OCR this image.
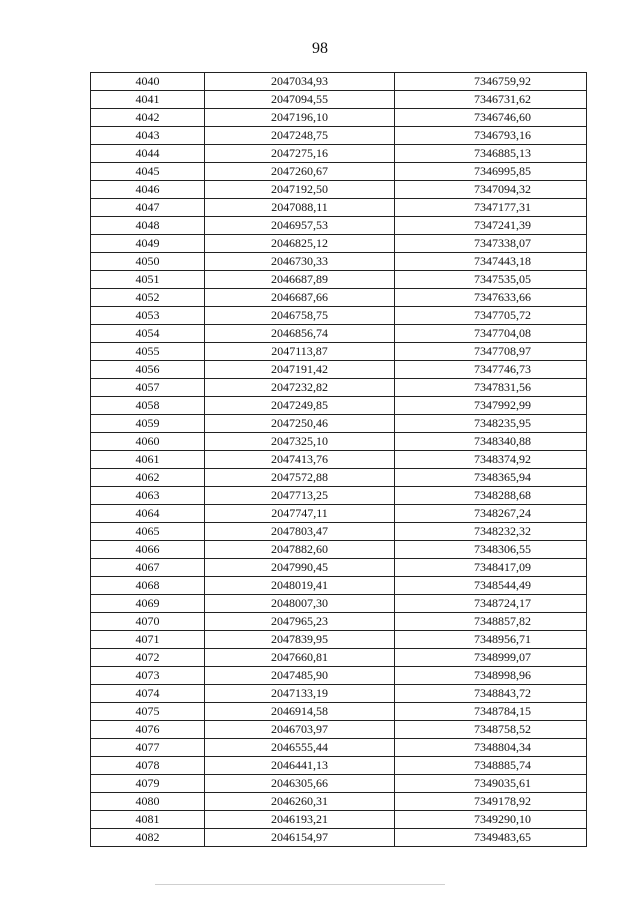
98
4040	2047034,93	7346759,92
4041	2047094,55	7346731,62
4042	2047196,10	7346746,60
4043	2047248,75	7346793,16
4044	2047275,16	7346885,13
4045	2047260,67	7346995,85
4046	2047192,50	7347094,32
4047	2047088,11	7347177,31
4048	2046957,53	7347241,39
4049	2046825,12	7347338,07
4050	2046730,33	7347443,18
4051	2046687,89	7347535,05
4052	2046687,66	7347633,66
4053	2046758,75	7347705,72
4054	2046856,74	7347704,08
4055	2047113,87	7347708,97
4056	2047191,42	7347746,73
4057	2047232,82	7347831,56
4058	2047249,85	7347992,99
4059	2047250,46	7348235,95
4060	2047325,10	7348340,88
4061	2047413,76	7348374,92
4062	2047572,88	7348365,94
4063	2047713,25	7348288,68
4064	2047747,11	7348267,24
4065	2047803,47	7348232,32
4066	2047882,60	7348306,55
4067	2047990,45	7348417,09
4068	2048019,41	7348544,49
4069	2048007,30	7348724,17
4070	2047965,23	7348857,82
4071	2047839,95	7348956,71
4072	2047660,81	7348999,07
4073	2047485,90	7348998,96
4074	2047133,19	7348843,72
4075	2046914,58	7348784,15
4076	2046703,97	7348758,52
4077	2046555,44	7348804,34
4078	2046441,13	7348885,74
4079	2046305,66	7349035,61
4080	2046260,31	7349178,92
4081	2046193,21	7349290,10
4082	2046154,97	7349483,65
